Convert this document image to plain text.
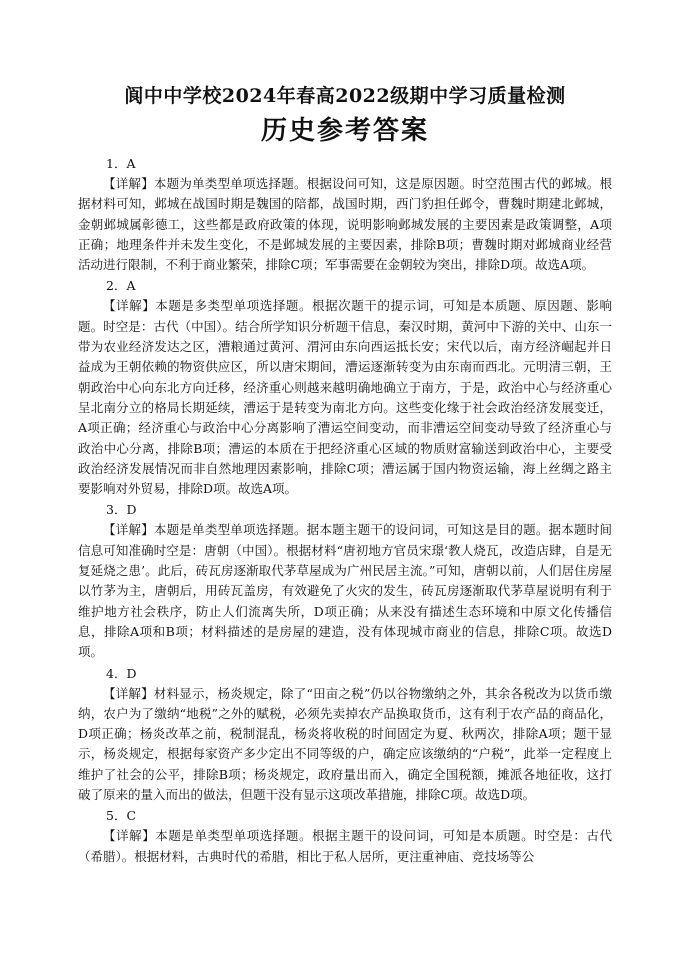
阆中中学校2024年春高2022级期中学习质量检测
历史参考答案
1．A

【详解】本题为单类型单项选择题。根据设问可知，这是原因题。时空范围古代的邺城。根据材料可知，邺城在战国时期是魏国的陪都，战国时期，西门豹担任邺令，曹魏时期建北邺城，金朝邺城属彰德工，这些都是政府政策的体现，说明影响邺城发展的主要因素是政策调整，A项正确；地理条件并未发生变化，不是邺城发展的主要因素，排除B项；曹魏时期对邺城商业经营活动进行限制，不利于商业繁荣，排除C项；军事需要在金朝较为突出，排除D项。故选A项。

2．A

【详解】本题是多类型单项选择题。根据次题干的提示词，可知是本质题、原因题、影响题。时空是：古代（中国）。结合所学知识分析题干信息，秦汉时期，黄河中下游的关中、山东一带为农业经济发达之区，漕粮通过黄河、渭河由东向西运抵长安；宋代以后，南方经济崛起并日益成为王朝依赖的物资供应区，所以唐宋期间，漕运逐渐转变为由东南而西北。元明清三朝，王朝政治中心向东北方向迁移，经济重心则越来越明确地确立于南方，于是，政治中心与经济重心呈北南分立的格局长期延续，漕运于是转变为南北方向。这些变化缘于社会政治经济发展变迁，A项正确；经济重心与政治中心分离影响了漕运空间变动，而非漕运空间变动导致了经济重心与政治中心分离，排除B项；漕运的本质在于把经济重心区域的物质财富输送到政治中心，主要受政治经济发展情况而非自然地理因素影响，排除C项；漕运属于国内物资运输，海上丝绸之路主要影响对外贸易，排除D项。故选A项。

3．D

【详解】本题是单类型单项选择题。据本题主题干的设问词，可知这是目的题。据本题时间信息可知准确时空是：唐朝（中国）。根据材料“唐初地方官员宋璟‘教人烧瓦，改造店肆，自是无复延烧之患’。此后，砖瓦房逐渐取代茅草屋成为广州民居主流。”可知，唐朝以前，人们居住房屋以竹茅为主，唐朝后，用砖瓦盖房，有效避免了火灾的发生，砖瓦房逐渐取代茅草屋说明有利于维护地方社会秩序，防止人们流离失所，D项正确；从来没有描述生态环境和中原文化传播信息，排除A项和B项；材料描述的是房屋的建造，没有体现城市商业的信息，排除C项。故选D项。

4．D

【详解】材料显示，杨炎规定，除了“田亩之税”仍以谷物缴纳之外，其余各税改为以货币缴纳，农户为了缴纳“地税”之外的赋税，必须先卖掉农产品换取货币，这有利于农产品的商品化，D项正确；杨炎改革之前，税制混乱，杨炎将收税的时间固定为夏、秋两次，排除A项；题干显示，杨炎规定，根据每家资产多少定出不同等级的户，确定应该缴纳的“户税”，此举一定程度上维护了社会的公平，排除B项；杨炎规定，政府量出而入，确定全国税额，摊派各地征收，这打破了原来的量入而出的做法，但题干没有显示这项改革措施，排除C项。故选D项。

5．C

【详解】本题是单类型单项选择题。根据主题干的设问词，可知是本质题。时空是：古代（希腊）。根据材料，古典时代的希腊，相比于私人居所，更注重神庙、竞技场等公
